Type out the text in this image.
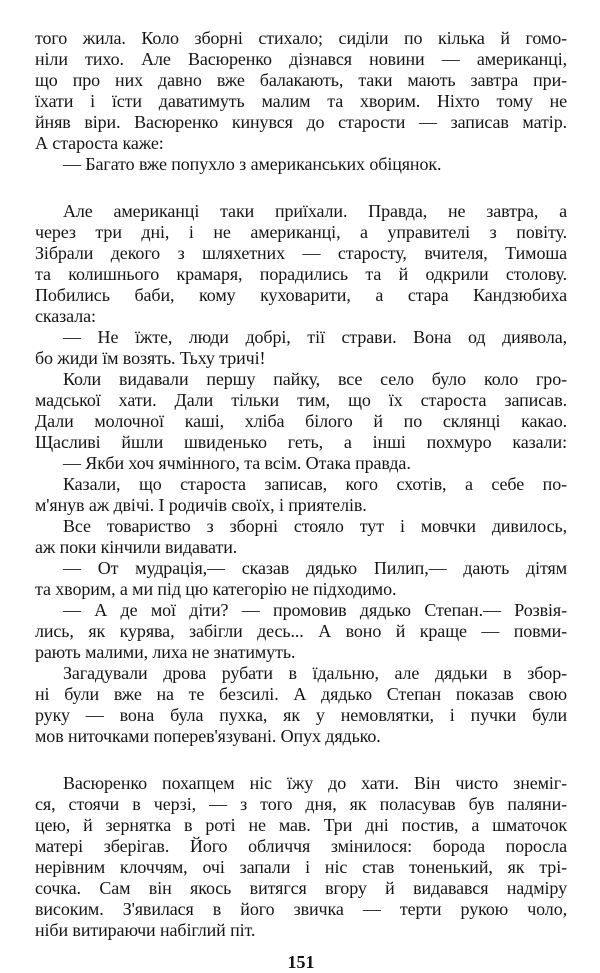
того жила. Коло зборні стихало; сиділи по кілька й гомо-
ніли тихо. Але Васюренко дізнався новини — американці,
що про них давно вже балакають, таки мають завтра при-
їхати і їсти даватимуть малим та хворим. Ніхто тому не
йняв віри. Васюренко кинувся до старости — записав матір.
А староста каже:
— Багато вже попухло з американських обіцянок.
Але американці таки приїхали. Правда, не завтра, а
через три дні, і не американці, а управителі з повіту.
Зібрали декого з шляхетних — старосту, вчителя, Тимоша
та колишнього крамаря, порадились та й одкрили столову.
Побились баби, кому куховарити, а стара Кандзюбиха
сказала:
— Не їжте, люди добрі, тії страви. Вона од диявола,
бо жиди їм возять. Тьху тричі!
Коли видавали першу пайку, все село було коло гро-
мадської хати. Дали тільки тим, що їх староста записав.
Дали молочної каші, хліба білого й по склянці какао.
Щасливі йшли швиденько геть, а інші похмуро казали:
— Якби хоч ячмінного, та всім. Отака правда.
Казали, що староста записав, кого схотів, а себе по-
м'янув аж двічі. І родичів своїх, і приятелів.
Все товариство з зборні стояло тут і мовчки дивилось,
аж поки кінчили видавати.
— От мудрація,— сказав дядько Пилип,— дають дітям
та хворим, а ми під цю категорію не підходимо.
— А де мої діти? — промовив дядько Степан.— Розвія-
лись, як курява, забігли десь... А воно й краще — повми-
рають малими, лиха не знатимуть.
Загадували дрова рубати в їдальню, але дядьки в збор-
ні були вже на те безсилі. А дядько Степан показав свою
руку — вона була пухка, як у немовлятки, і пучки були
мов ниточками поперев'язувані. Опух дядько.
Васюренко похапцем ніс їжу до хати. Він чисто знеміг-
ся, стоячи в черзі, — з того дня, як поласував був паляни-
цею, й зернятка в роті не мав. Три дні постив, а шматочок
матері зберігав. Його обличчя змінилося: борода поросла
нерівним клоччям, очі запали і ніс став тоненький, як трі-
сочка. Сам він якось витягся вгору й видавався надміру
високим. З'явилася в його звичка — терти рукою чоло,
ніби витираючи набіглий піт.
151
